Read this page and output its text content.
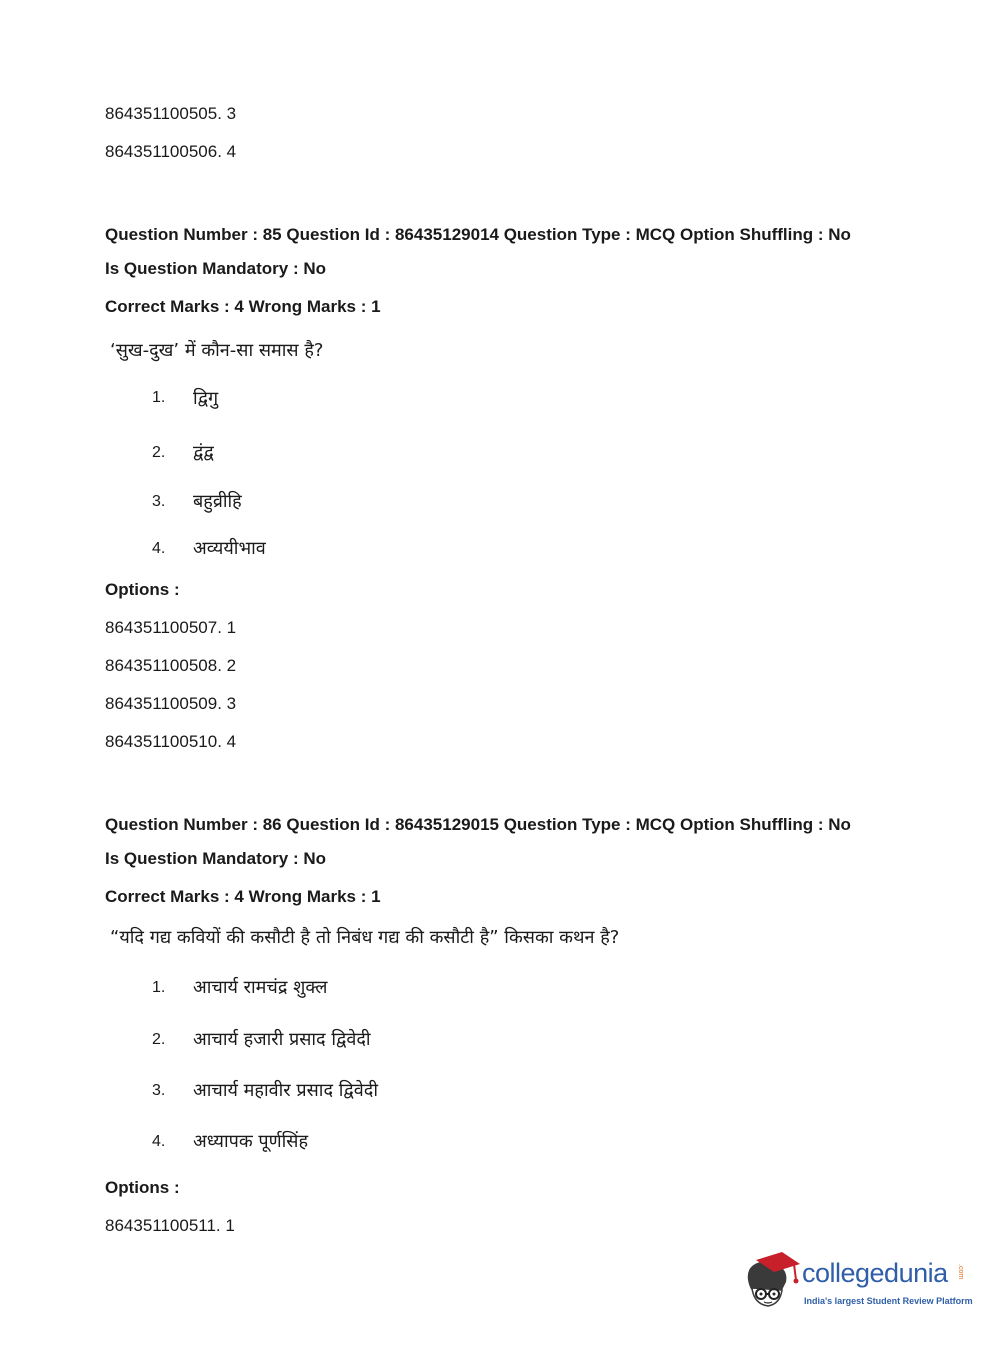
864351100505. 3
864351100506. 4
Question Number : 85 Question Id : 86435129014 Question Type : MCQ Option Shuffling : No
Is Question Mandatory : No
Correct Marks : 4 Wrong Marks : 1
‘सुख-दुख’ में कौन-सा समास है?
1. द्विगु
2. द्वंद्व
3. बहुव्रीहि
4. अव्ययीभाव
Options :
864351100507. 1
864351100508. 2
864351100509. 3
864351100510. 4
Question Number : 86 Question Id : 86435129015 Question Type : MCQ Option Shuffling : No
Is Question Mandatory : No
Correct Marks : 4 Wrong Marks : 1
“यदि गद्य कवियों की कसौटी है तो निबंध गद्य की कसौटी है” किसका कथन है?
1. आचार्य रामचंद्र शुक्ल
2. आचार्य हजारी प्रसाद द्विवेदी
3. आचार्य महावीर प्रसाद द्विवेदी
4. अध्यापक पूर्णसिंह
Options :
864351100511. 1
collegedunia .com
India's largest Student Review Platform
